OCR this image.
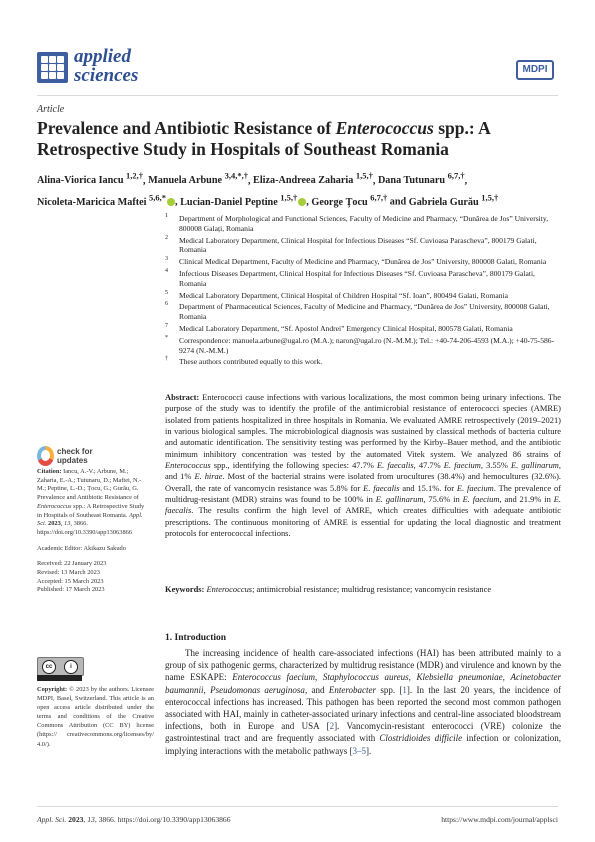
applied
sciences	MDPI
Article
Prevalence and Antibiotic Resistance of Enterococcus spp.: A Retrospective Study in Hospitals of Southeast Romania
Alina-Viorica Iancu $^{1,2,\dagger}$, Manuela Arbune $^{3,4,*,\dagger}$, Eliza-Andreea Zaharia $^{1,5,\dagger}$, Dana Tutunaru $^{6,7,\dagger}$,
Nicoleta-Maricica Maftei $^{5,6,*}$ , Lucian-Daniel Peptine $^{1,5,\dagger}$ , George Țocu $^{6,7,\dagger}$ and Gabriela Gurău $^{1,5,\dagger}$
1 Department of Morphological and Functional Sciences, Faculty of Medicine and Pharmacy, “Dunărea de Jos” University, 800008 Galați, Romania
2 Medical Laboratory Department, Clinical Hospital for Infectious Diseases “Sf. Cuvioasa Parascheva”, 800179 Galati, Romania
3 Clinical Medical Department, Faculty of Medicine and Pharmacy, “Dunărea de Jos” University, 800008 Galati, Romania
4 Infectious Diseases Department, Clinical Hospital for Infectious Diseases “Sf. Cuvioasa Parascheva”, 800179 Galati, Romania
5 Medical Laboratory Department, Clinical Hospital of Children Hospital “Sf. Ioan”, 800494 Galati, Romania
6 Department of Pharmaceutical Sciences, Faculty of Medicine and Pharmacy, “Dunărea de Jos” University, 800008 Galati, Romania
7 Medical Laboratory Department, “Sf. Apostol Andrei” Emergency Clinical Hospital, 800578 Galati, Romania
* Correspondence: manuela.arbune@ugal.ro (M.A.); naron@ugal.ro (N.-M.M.); Tel.: +40-74-206-4593 (M.A.); +40-75-586-9274 (N.-M.M.)
† These authors contributed equally to this work.
Abstract: Enterococci cause infections with various localizations, the most common being urinary infections. The purpose of the study was to identify the profile of the antimicrobial resistance of enterococci species (AMRE) isolated from patients hospitalized in three hospitals in Romania. We evaluated AMRE retrospectively (2019–2021) in various biological samples. The microbiological diagnosis was sustained by classical methods of bacteria culture and automatic identification. The sensitivity testing was performed by the Kirby–Bauer method, and the antibiotic minimum inhibitory concentration was tested by the automated Vitek system. We analyzed 86 strains of Enterococcus spp., identifying the following species: 47.7% E. faecalis, 47.7% E. faecium, 3.55% E. gallinarum, and 1% E. hirae. Most of the bacterial strains were isolated from urocultures (38.4%) and hemocultures (32.6%). Overall, the rate of vancomycin resistance was 5.8% for E. faecalis and 15.1%. for E. faecium. The prevalence of multidrug-resistant (MDR) strains was found to be 100% in E. gallinarum, 75.6% in E. faecium, and 21.9% in E. faecalis. The results confirm the high level of AMRE, which creates difficulties with adequate antibiotic prescriptions. The continuous monitoring of AMRE is essential for updating the local diagnostic and treatment protocols for enterococcal infections.
Keywords: Enterococcus; antimicrobial resistance; multidrug resistance; vancomycin resistance
check for
updates

Citation: Iancu, A.-V.; Arbune, M.; Zaharia, E.-A.; Tutunaru, D.; Maftei, N.-M.; Peptine, L.-D.; Țocu, G.; Gurău, G. Prevalence and Antibiotic Resistance of Enterococcus spp.: A Retrospective Study in Hospitals of Southeast Romania. Appl. Sci. 2023, 13, 3866. https://doi.org/10.3390/app13063866

Academic Editor: Akikazu Sakudo

Received: 22 January 2023

Revised: 13 March 2023

Accepted: 15 March 2023

Published: 17 March 2023

cc	i
Copyright: © 2023 by the authors. Licensee MDPI, Basel, Switzerland. This article is an open access article distributed under the terms and conditions of the Creative Commons Attribution (CC BY) license (https:// creativecommons.org/licenses/by/ 4.0/).
1. Introduction
The increasing incidence of health care-associated infections (HAI) has been attributed mainly to a group of six pathogenic germs, characterized by multidrug resistance (MDR) and virulence and known by the name ESKAPE: Enterococcus faecium, Staphylococcus aureus, Klebsiella pneumoniae, Acinetobacter baumannii, Pseudomonas aeruginosa, and Enterobacter spp. [1]. In the last 20 years, the incidence of enterococcal infections has increased. This pathogen has been reported the second most common pathogen associated with HAI, mainly in catheter-associated urinary infections and central-line associated bloodstream infections, both in Europe and USA [2]. Vancomycin-resistant enterococci (VRE) colonize the gastrointestinal tract and are frequently associated with Clostridioides difficile infection or colonization, implying interactions with the metabolic pathways [3–5].
Appl. Sci. 2023, 13, 3866. https://doi.org/10.3390/app13063866	https://www.mdpi.com/journal/applsci
